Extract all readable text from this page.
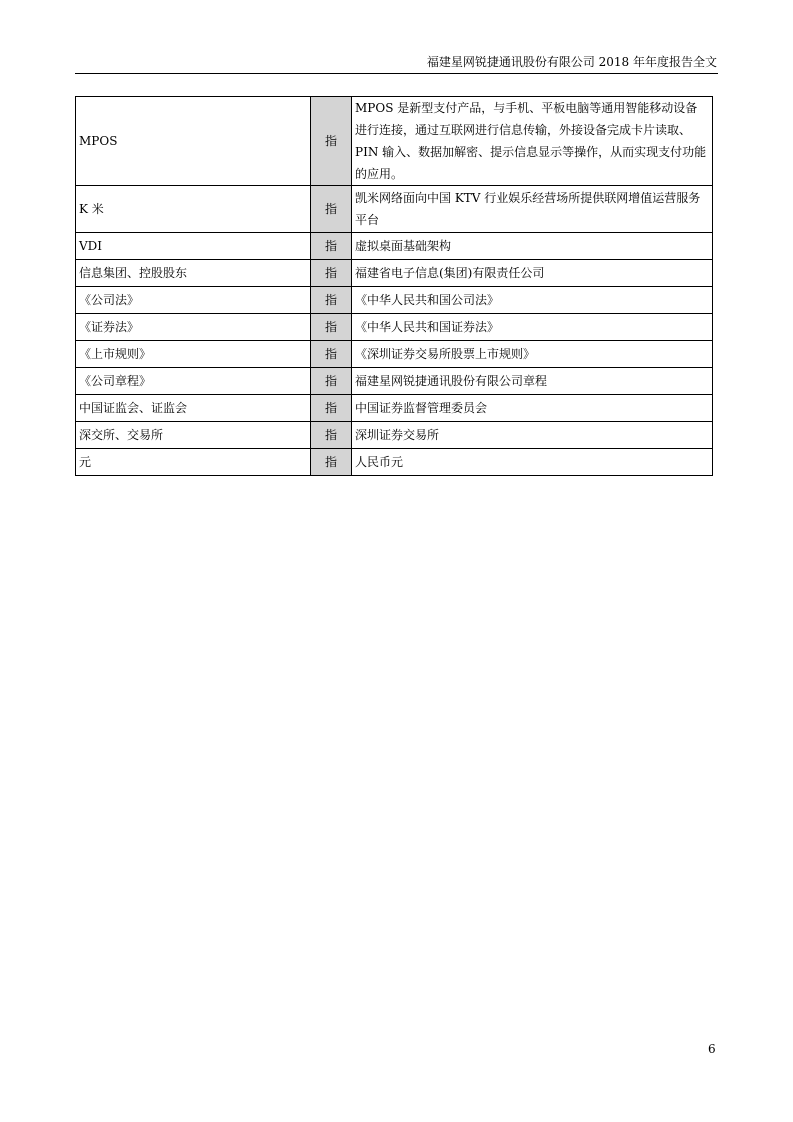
福建星网锐捷通讯股份有限公司 2018 年年度报告全文
MPOS	指	MPOS 是新型支付产品，与手机、平板电脑等通用智能移动设备进行连接，通过互联网进行信息传输，外接设备完成卡片读取、PIN 输入、数据加解密、提示信息显示等操作，从而实现支付功能的应用。
K 米	指	凯米网络面向中国 KTV 行业娱乐经营场所提供联网增值运营服务平台
VDI	指	虚拟桌面基础架构
信息集团、控股股东	指	福建省电子信息(集团)有限责任公司
《公司法》	指	《中华人民共和国公司法》
《证券法》	指	《中华人民共和国证券法》
《上市规则》	指	《深圳证券交易所股票上市规则》
《公司章程》	指	福建星网锐捷通讯股份有限公司章程
中国证监会、证监会	指	中国证券监督管理委员会
深交所、交易所	指	深圳证券交易所
元	指	人民币元
6
